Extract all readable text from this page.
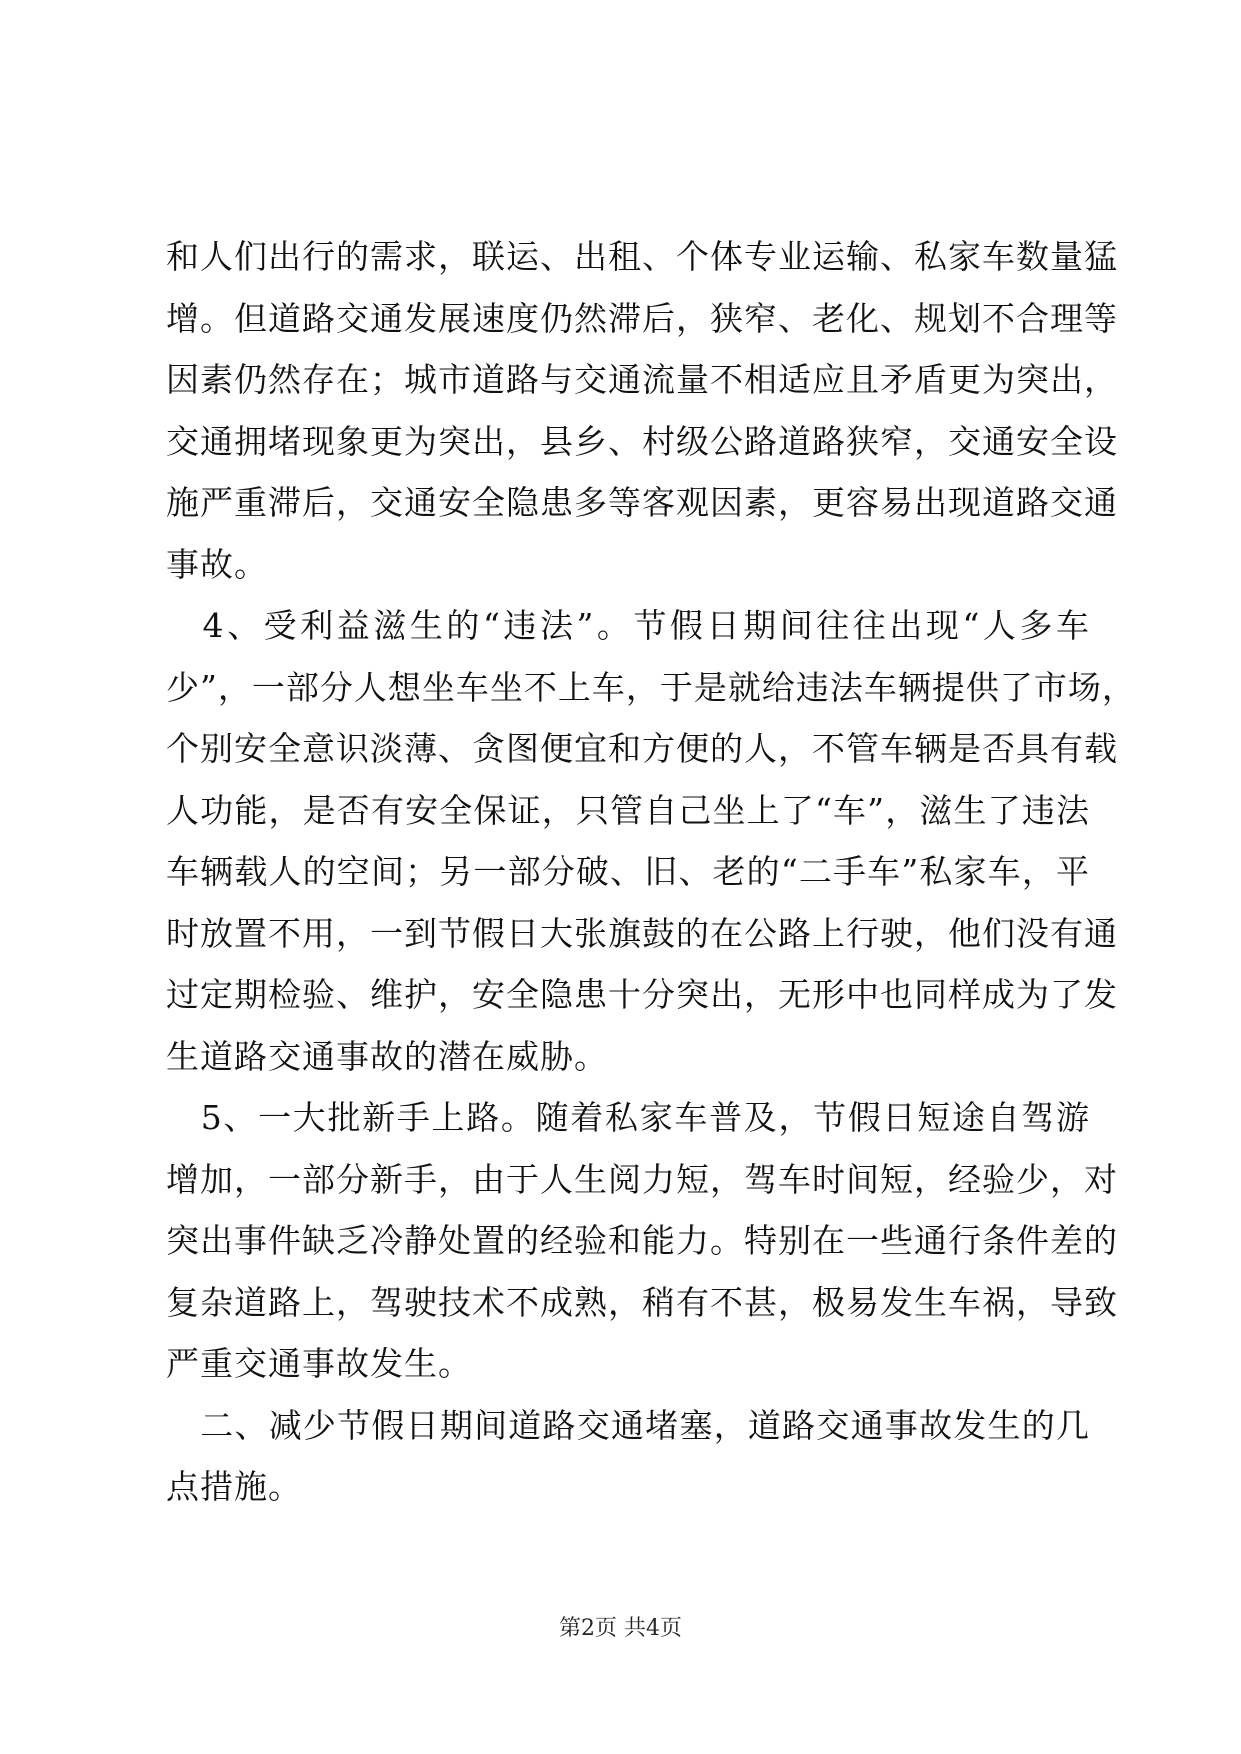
和人们出行的需求，联运、出租、个体专业运输、私家车数量猛
增。但道路交通发展速度仍然滞后，狭窄、老化、规划不合理等
因素仍然存在；城市道路与交通流量不相适应且矛盾更为突出，
交通拥堵现象更为突出，县乡、村级公路道路狭窄，交通安全设
施严重滞后，交通安全隐患多等客观因素，更容易出现道路交通
事故。
　4、受利益滋生的“违法”。节假日期间往往出现“人多车
少”，一部分人想坐车坐不上车，于是就给违法车辆提供了市场，
个别安全意识淡薄、贪图便宜和方便的人，不管车辆是否具有载
人功能，是否有安全保证，只管自己坐上了“车”，滋生了违法
车辆载人的空间；另一部分破、旧、老的“二手车”私家车，平
时放置不用，一到节假日大张旗鼓的在公路上行驶，他们没有通
过定期检验、维护，安全隐患十分突出，无形中也同样成为了发
生道路交通事故的潜在威胁。
　5、一大批新手上路。随着私家车普及，节假日短途自驾游
增加，一部分新手，由于人生阅力短，驾车时间短，经验少，对
突出事件缺乏冷静处置的经验和能力。特别在一些通行条件差的
复杂道路上，驾驶技术不成熟，稍有不甚，极易发生车祸，导致
严重交通事故发生。
　二、减少节假日期间道路交通堵塞，道路交通事故发生的几
点措施。
第2页 共4页
